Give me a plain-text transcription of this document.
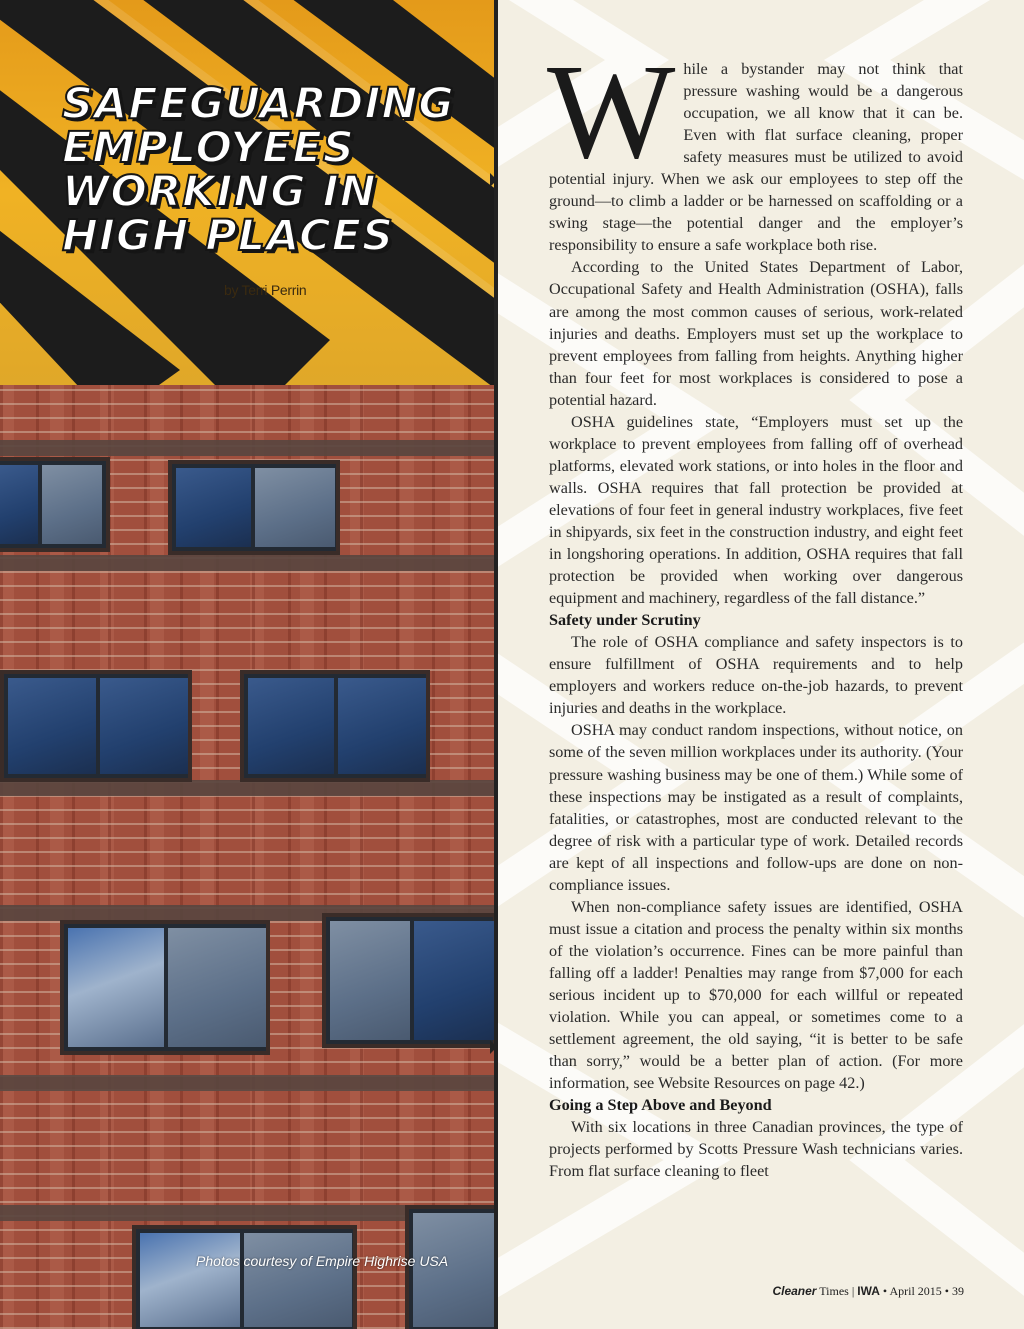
SAFEGUARDING
EMPLOYEES
WORKING IN
HIGH PLACES

by Terri Perrin

Photos courtesy of Empire Highrise USA

While a bystander may not think that pressure washing would be a dangerous occupation, we all know that it can be. Even with flat surface cleaning, proper safety measures must be utilized to avoid potential injury. When we ask our employees to step off the ground—to climb a ladder or be harnessed on scaffolding or a swing stage—the potential danger and the employer’s responsibility to ensure a safe workplace both rise.

According to the United States Department of Labor, Occupational Safety and Health Administration (OSHA), falls are among the most common causes of serious, work-related injuries and deaths. Employers must set up the workplace to prevent employees from falling from heights. Anything higher than four feet for most workplaces is considered to pose a potential hazard.

OSHA guidelines state, “Employers must set up the workplace to prevent employees from falling off of overhead platforms, elevated work stations, or into holes in the floor and walls. OSHA requires that fall protection be provided at elevations of four feet in general industry workplaces, five feet in shipyards, six feet in the construction industry, and eight feet in longshoring operations. In addition, OSHA requires that fall protection be provided when working over dangerous equipment and machinery, regardless of the fall distance.”

Safety under Scrutiny

The role of OSHA compliance and safety inspectors is to ensure fulfillment of OSHA requirements and to help employers and workers reduce on-the-job hazards, to prevent injuries and deaths in the workplace.

OSHA may conduct random inspections, without notice, on some of the seven million workplaces under its authority. (Your pressure washing business may be one of them.) While some of these inspections may be instigated as a result of complaints, fatalities, or catastrophes, most are conducted relevant to the degree of risk with a particular type of work. Detailed records are kept of all inspections and follow-ups are done on non-compliance issues.

When non-compliance safety issues are identified, OSHA must issue a citation and process the penalty within six months of the violation’s occurrence. Fines can be more painful than falling off a ladder! Penalties may range from $7,000 for each serious incident up to $70,000 for each willful or repeated violation. While you can appeal, or sometimes come to a settlement agreement, the old saying, “it is better to be safe than sorry,” would be a better plan of action. (For more information, see Website Resources on page 42.)

Going a Step Above and Beyond

With six locations in three Canadian provinces, the type of projects performed by Scotts Pressure Wash technicians varies. From flat surface cleaning to fleet

Cleaner Times | IWA • April 2015 • 39
